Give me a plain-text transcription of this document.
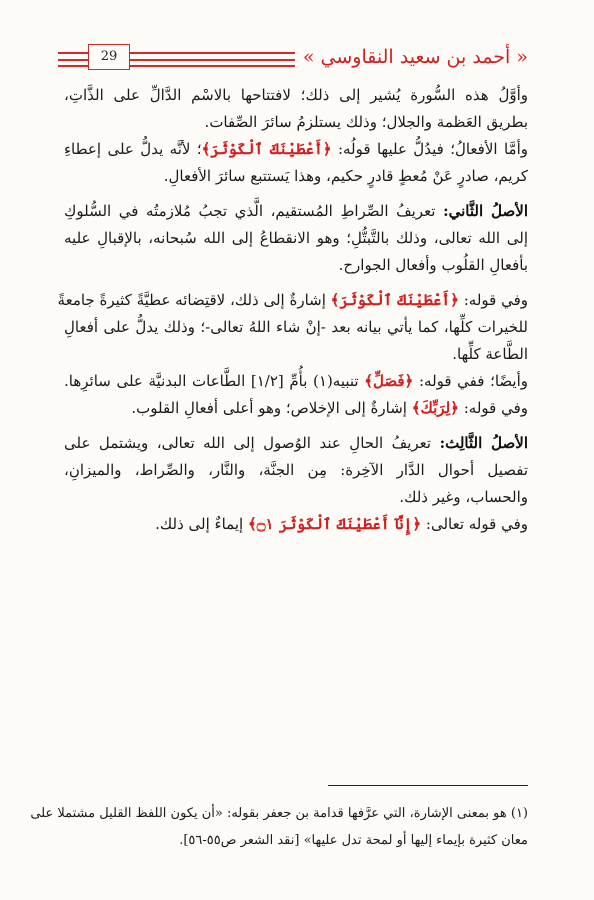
« أحمد بن سعيد النقاوسي »
29
وأوَّلُ هذه السُّورة يُشير إلى ذلك؛ لافتتاحها بالاسْم الدَّالِّ على الذَّاتِ،
بطريق العَظمة والجلال؛ وذلك يستلزمُ سائرَ الصِّفات.
وأمَّا الأفعالُ؛ فيدُلُّ عليها قولُه: ﴿أَعْطَيْنَكَ ٱلْكَوْثَرَ﴾؛ لأنَّه يدلُّ على إعطاءِ
كريم، صادرٍ عَنْ مُعطٍ قادرٍ حكيم، وهذا يَستتبع سائرَ الأفعالِ.
الأصلُ الثَّاني: تعريفُ الصِّراطِ المُستقيم، الَّذي تجبُ مُلازمتُه في السُّلوكِ
إلى الله تعالى، وذلك بالتَّبتُّلِ؛ وهو الانقطاعُ إلى الله سُبحانه، بالإقبالِ عليه
بأفعالِ القلُوب وأفعال الجوارح.
وفي قوله: ﴿أَعْطَيْنَكَ ٱلْكَوْثَرَ﴾ إشارةٌ إلى ذلك، لاقتِضائه عطيَّةً كثيرةً جامعةً
للخيرات كلِّها، كما يأتي بيانه بعد -إنْ شاء اللهُ تعالى-؛ وذلك يدلُّ على أفعالِ
الطَّاعة كلِّها.
وأيضًا؛ ففي قوله: ﴿فَصَلِّ﴾ تنبيه(١) بأُمِّ [١/٢] الطَّاعات البدنيَّة على سائرِها.
وفي قوله: ﴿لِرَبِّكَ﴾ إشارةٌ إلى الإخلاص؛ وهو أعلى أفعالِ القلوب.
الأصلُ الثَّالِث: تعريفُ الحالِ عند الوُصول إلى الله تعالى، ويشتمل على
تفصيل أحوال الدَّار الآخِرة: مِن الجنَّة، والنَّار، والصِّراط، والميزانِ،
والحساب، وغير ذلك.
وفي قوله تعالى: ﴿إِنَّآ أَعْطَيْنَكَ ٱلْكَوْثَرَ ۝١﴾ إيماءٌ إلى ذلك.
(١) هو بمعنى الإشارة، التي عرَّفها قدامة بن جعفر بقوله: «أن يكون اللفظ القليل مشتملا على
معان كثيرة بإيماء إليها أو لمحة تدل عليها» [نقد الشعر ص٥٥-٥٦].
